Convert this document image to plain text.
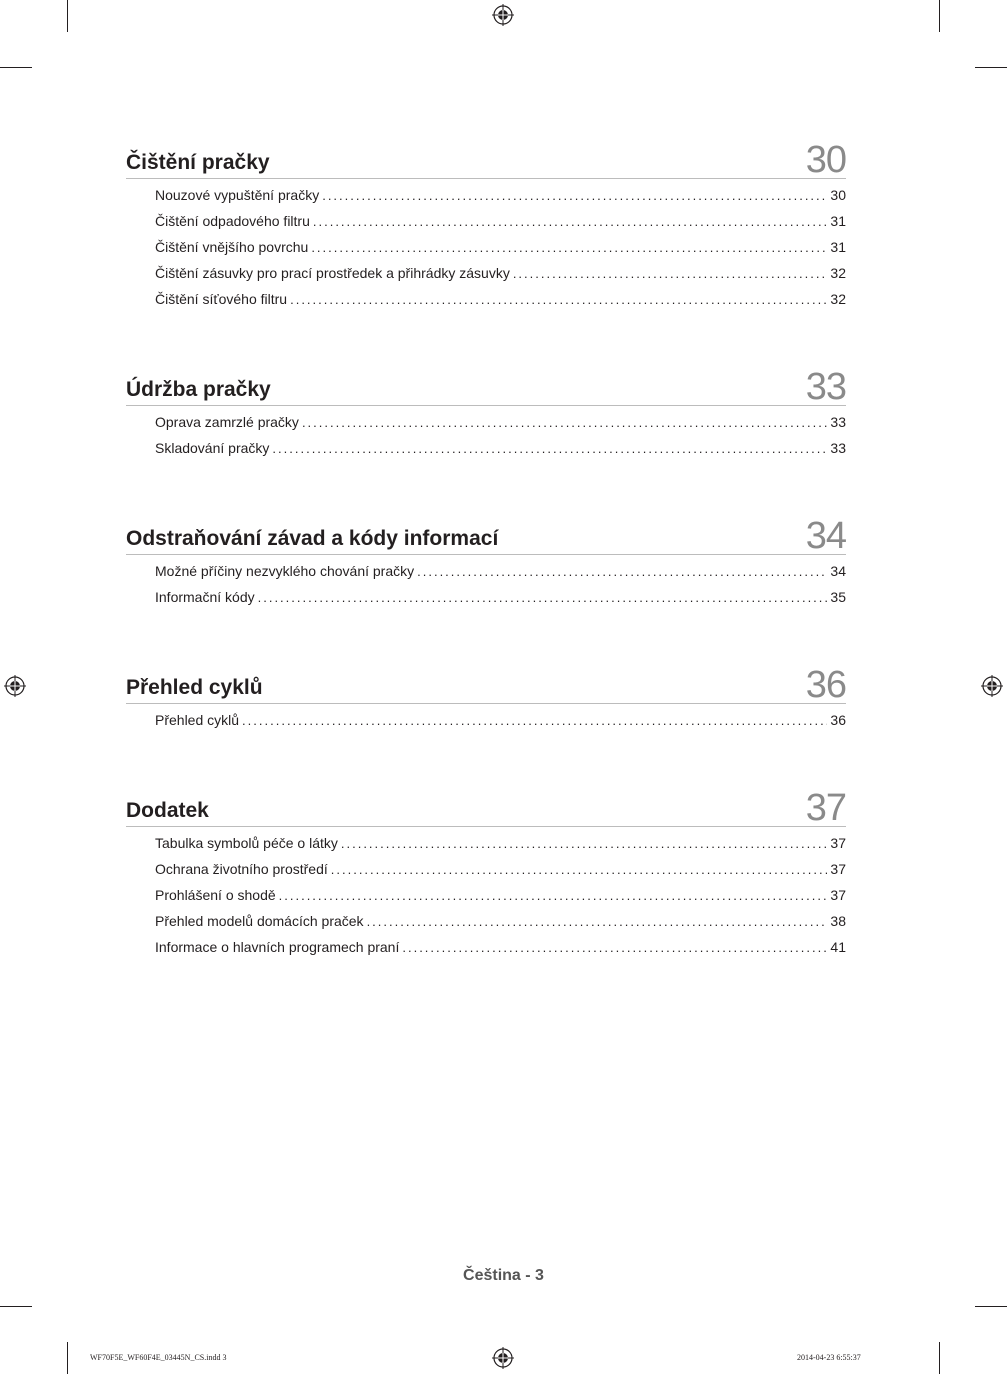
Čištění pračky	30
Nouzové vypuštění pračky .....	30
Čištění odpadového filtru .....	31
Čištění vnějšího povrchu .....	31
Čištění zásuvky pro prací prostředek a přihrádky zásuvky .....	32
Čištění síťového filtru .....	32
Údržba pračky	33
Oprava zamrzlé pračky .....	33
Skladování pračky .....	33
Odstraňování závad a kódy informací	34
Možné příčiny nezvyklého chování pračky .....	34
Informační kódy .....	35
Přehled cyklů	36
Přehled cyklů .....	36
Dodatek	37
Tabulka symbolů péče o látky .....	37
Ochrana životního prostředí .....	37
Prohlášení o shodě .....	37
Přehled modelů domácích praček .....	38
Informace o hlavních programech praní .....	41
Čeština - 3
WF70F5E_WF60F4E_03445N_CS.indd 3	2014-04-23 6:55:37
